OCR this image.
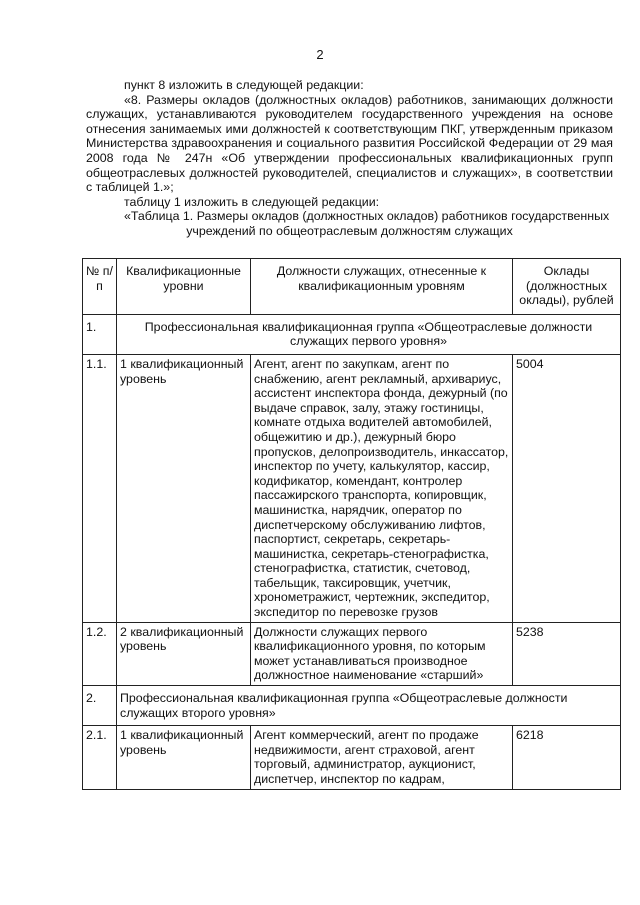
2

пункт 8 изложить в следующей редакции:

«8. Размеры окладов (должностных окладов) работников, занимающих должности служащих, устанавливаются руководителем государственного учреждения на основе отнесения занимаемых ими должностей к соответствующим ПКГ, утвержденным приказом Министерства здравоохранения и социального развития Российской Федерации от 29 мая 2008 года № 247н «Об утверждении профессиональных квалификационных групп общеотраслевых должностей руководителей, специалистов и служащих», в соответствии с таблицей 1.»;

таблицу 1 изложить в следующей редакции:

«Таблица 1. Размеры окладов (должностных окладов) работников государственных

учреждений по общеотраслевым должностям служащих

№ п/п	Квалификационные уровни	Должности служащих, отнесенные к квалификационным уровням	Оклады (должностных оклады), рублей
1.	Профессиональная квалификационная группа «Общеотраслевые должности служащих первого уровня»		
1.1.	1 квалификационный уровень	Агент, агент по закупкам, агент по снабжению, агент рекламный, архивариус, ассистент инспектора фонда, дежурный (по выдаче справок, залу, этажу гостиницы, комнате отдыха водителей автомобилей, общежитию и др.), дежурный бюро пропусков, делопроизводитель, инкассатор, инспектор по учету, калькулятор, кассир, кодификатор, комендант, контролер пассажирского транспорта, копировщик, машинистка, нарядчик, оператор по диспетчерскому обслуживанию лифтов, паспортист, секретарь, секретарь-машинистка, секретарь-стенографистка, стенографистка, статистик, счетовод, табельщик, таксировщик, учетчик, хронометражист, чертежник, экспедитор, экспедитор по перевозке грузов	5004
1.2.	2 квалификационный уровень	Должности служащих первого квалификационного уровня, по которым может устанавливаться производное должностное наименование «старший»	5238
2.	Профессиональная квалификационная группа «Общеотраслевые должности служащих второго уровня»		
2.1.	1 квалификационный уровень	Агент коммерческий, агент по продаже недвижимости, агент страховой, агент торговый, администратор, аукционист, диспетчер, инспектор по кадрам,	6218
